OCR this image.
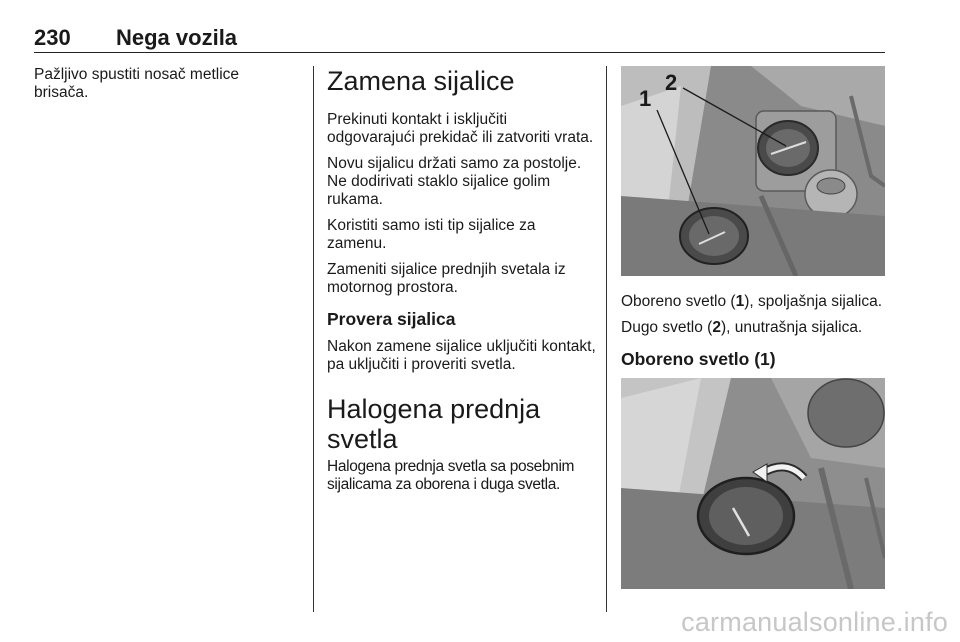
230 Nega vozila

Pažljivo spustiti nosač metlice brisača.	Zamena sijalice

Prekinuti kontakt i isključiti odgovarajući prekidač ili zatvoriti vrata.

Novu sijalicu držati samo za postolje. Ne dodirivati staklo sijalice golim rukama.

Koristiti samo isti tip sijalice za zamenu.

Zameniti sijalice prednjih svetala iz motornog prostora.

Provera sijalica

Nakon zamene sijalice uključiti kontakt, pa uključiti i proveriti svetla.

Halogena prednja svetla

Halogena prednja svetla sa posebnim sijalicama za oborena i duga svetla.

1
2

Oboreno svetlo (1), spoljašnja sijalica.

Dugo svetlo (2), unutrašnja sijalica.

Oboreno svetlo (1)
carmanualsonline.info
